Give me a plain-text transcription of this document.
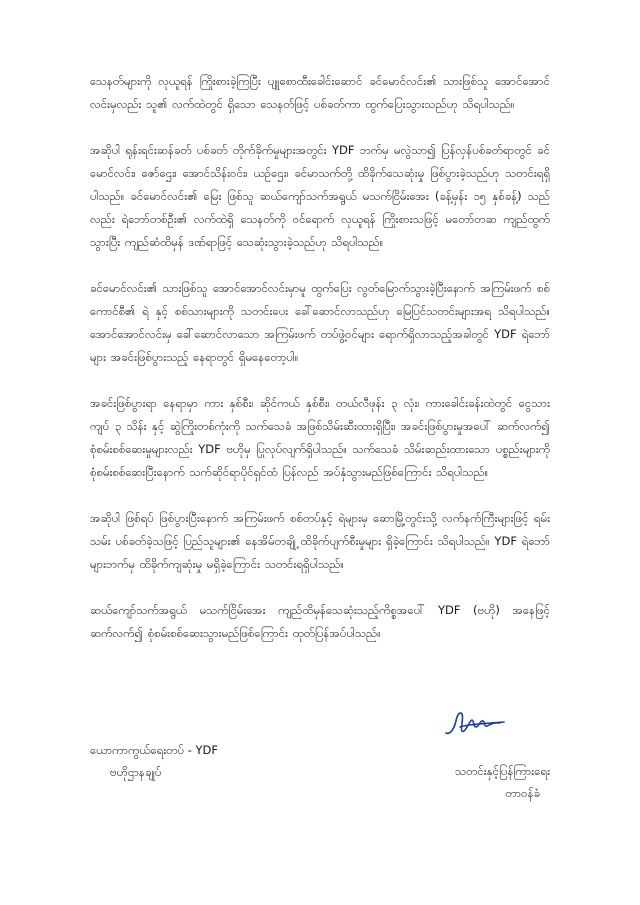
သေနတ်များကို လုယူရန် ကြိုးစားခဲ့ကြပြီး ပျူစောထီးခေါင်းဆောင် ခင်မောင်လင်း၏ သားဖြစ်သူ အောင်အောင်လင်းမှလည်း သူ၏ လက်ထဲတွင် ရှိသော သေနတ်ဖြင့် ပစ်ခတ်ကာ ထွက်ပြေးသွားသည်ဟု သိရပါသည်။

အဆိုပါ ရုန်းရင်းဆန်ခတ် ပစ်ခတ် တိုက်ခိုက်မှုများအတွင်း YDF ဘက်မှ မလွဲသာ၍ ပြန်လှန်ပစ်ခတ်ရာတွင် ခင်မောင်လင်း၊ ဇော်ဌေး၊ အောင်သိန်းဝင်း၊ ယဉ်ဌေး၊ ခင်မာသက်တို့ ထိခိုက်သေဆုံးမှု ဖြစ်ပွားခဲ့သည်ဟု သတင်းရရှိပါသည်။ ခင်မောင်လင်း၏ မြေး ဖြစ်သူ ဆယ်ကျော်သက်အရွယ် မသက်ငြိမ်းအေး (ခန့်မှန်း ၁၅ နှစ်ခန့်) သည်လည်း ရဲဘော်တစ်ဦး၏ လက်ထဲရှိ သေနတ်ကို ဝင်ရောက် လုယူရန် ကြိုးစားသဖြင့် မတော်တဆ ကျည်ထွက်သွားပြီး ကျည်ဆံထိမှန် ဒဏ်ရာဖြင့် သေဆုံးသွားခဲ့သည်ဟု သိရပါသည်။

ခင်မောင်လင်း၏ သားဖြစ်သူ အောင်အောင်လင်းမှာမူ ထွက်ပြေး လွတ်မြောက်သွားခဲ့ပြီးနောက် အကြမ်းဖက် စစ်ကောင်စီ၏ ရဲ နှင့် စစ်သားများကို သတင်းပေး ခေါ်ဆောင်လာသည်ဟု မြေပြင်သတင်းများအရ သိရပါသည်။ အောင်အောင်လင်းမှ ခေါ်ဆောင်လာသော အကြမ်းဖက် တပ်ဖွဲ့ဝင်များ ရောက်ရှိလာသည့်အခါတွင် YDF ရဲဘော်များ အခင်းဖြစ်ပွားသည့် နေရာတွင် ရှိမနေတော့ပါ။

အခင်းဖြစ်ပွားရာ နေရာမှာ ကား နှစ်စီး၊ ဆိုင်ကယ် နှစ်စီး၊ တယ်လီဖုန်း ၃ လုံး၊ ကားခေါင်းခန်းထဲတွင် ငွေသား ကျပ် ၃ သိန်း နှင့် ဆွဲကြိုးတစ်ကုံးကို သက်သေခံ အဖြစ်သိမ်းဆီးထားရှိပြီး၊ အခင်းဖြစ်ပွားမှုအပေါ် ဆက်လက်၍ စုံစမ်းစစ်ဆေးမှုများလည်း YDF ဗဟိုမှ ပြုလုပ်လျက်ရှိပါသည်။ သက်သေခံ သိမ်းဆည်းထားသော ပစ္စည်းများကို စုံစမ်းစစ်ဆေးပြီးနောက် သက်ဆိုင်ရာပိုင်ရှင်ထံ ပြန်လည် အပ်နှံသွားမည်ဖြစ်ကြောင်း သိရပါသည်။

အဆိုပါ ဖြစ်ရပ် ဖြစ်ပွားပြီးနောက် အကြမ်းဖက် စစ်တပ်နှင့် ရဲများမှ ဆောမြို့တွင်းသို့ လက်နက်ကြီးများဖြင့် ရမ်းသမ်း ပစ်ခတ်ခဲ့သဖြင့် ပြည်သူများ၏ နေအိမ်တချို့ ထိခိုက်ပျက်စီးမှုများ ရှိခဲ့ကြောင်း သိရပါသည်။ YDF ရဲဘော်များဘက်မှ ထိခိုက်ကျဆုံးမှု မရှိခဲ့ကြောင်း သတင်းရရှိပါသည်။

ဆယ်ကျော်သက်အရွယ် မသက်ငြိမ်းအေး ကျည်ထိမှန်သေဆုံးသည့်ကိစ္စအပေါ် YDF (ဗဟို) အနေဖြင့် ဆက်လက်၍ စုံစမ်းစစ်ဆေးသွားမည်ဖြစ်ကြောင်း ထုတ်ပြန်အပ်ပါသည်။

ယောကာကွယ်ရေးတပ် - YDF
ဗဟိုဌာနချုပ်	သတင်းနှင့်ပြန်ကြားရေး
တာဝန်ခံ
